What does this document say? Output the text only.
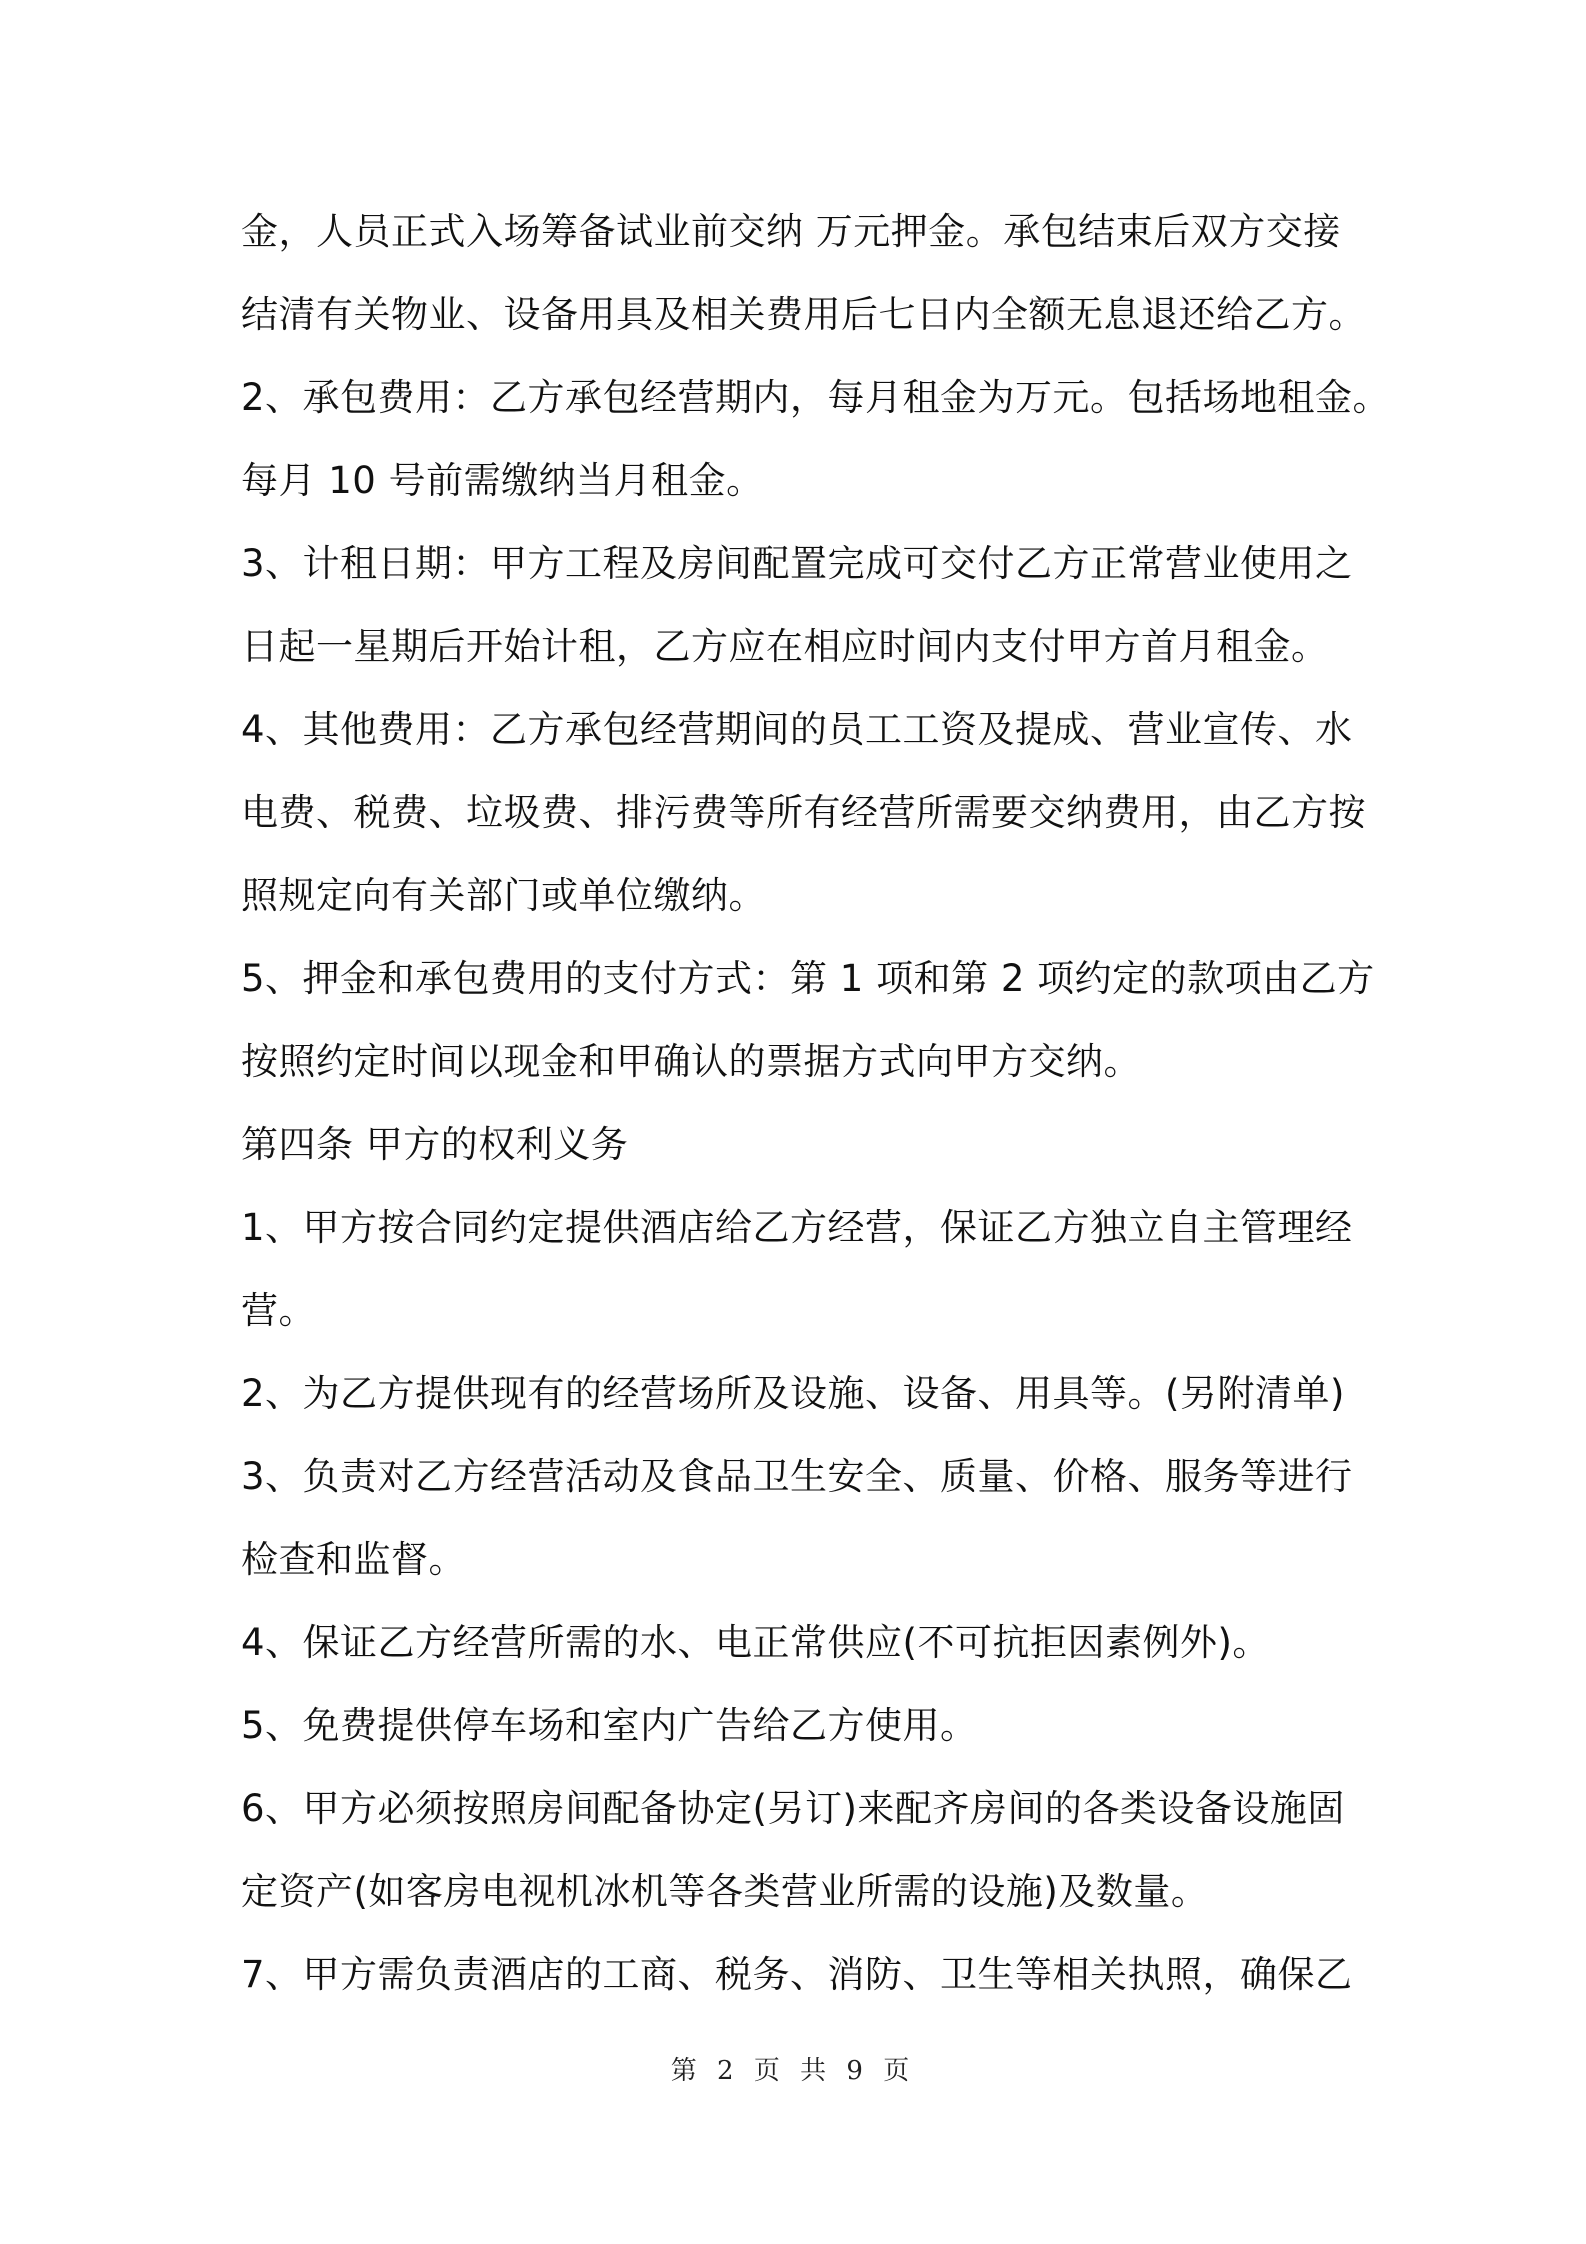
金，人员正式入场筹备试业前交纳 万元押金。承包结束后双方交接
结清有关物业、设备用具及相关费用后七日内全额无息退还给乙方。
2、承包费用：乙方承包经营期内，每月租金为万元。包括场地租金。
每月 10 号前需缴纳当月租金。
3、计租日期：甲方工程及房间配置完成可交付乙方正常营业使用之
日起一星期后开始计租，乙方应在相应时间内支付甲方首月租金。
4、其他费用：乙方承包经营期间的员工工资及提成、营业宣传、水
电费、税费、垃圾费、排污费等所有经营所需要交纳费用，由乙方按
照规定向有关部门或单位缴纳。
5、押金和承包费用的支付方式：第 1 项和第 2 项约定的款项由乙方
按照约定时间以现金和甲确认的票据方式向甲方交纳。
第四条 甲方的权利义务
1、甲方按合同约定提供酒店给乙方经营，保证乙方独立自主管理经
营。
2、为乙方提供现有的经营场所及设施、设备、用具等。(另附清单)
3、负责对乙方经营活动及食品卫生安全、质量、价格、服务等进行
检查和监督。
4、保证乙方经营所需的水、电正常供应(不可抗拒因素例外)。
5、免费提供停车场和室内广告给乙方使用。
6、甲方必须按照房间配备协定(另订)来配齐房间的各类设备设施固
定资产(如客房电视机冰机等各类营业所需的设施)及数量。
7、甲方需负责酒店的工商、税务、消防、卫生等相关执照，确保乙
第 2 页 共 9 页
